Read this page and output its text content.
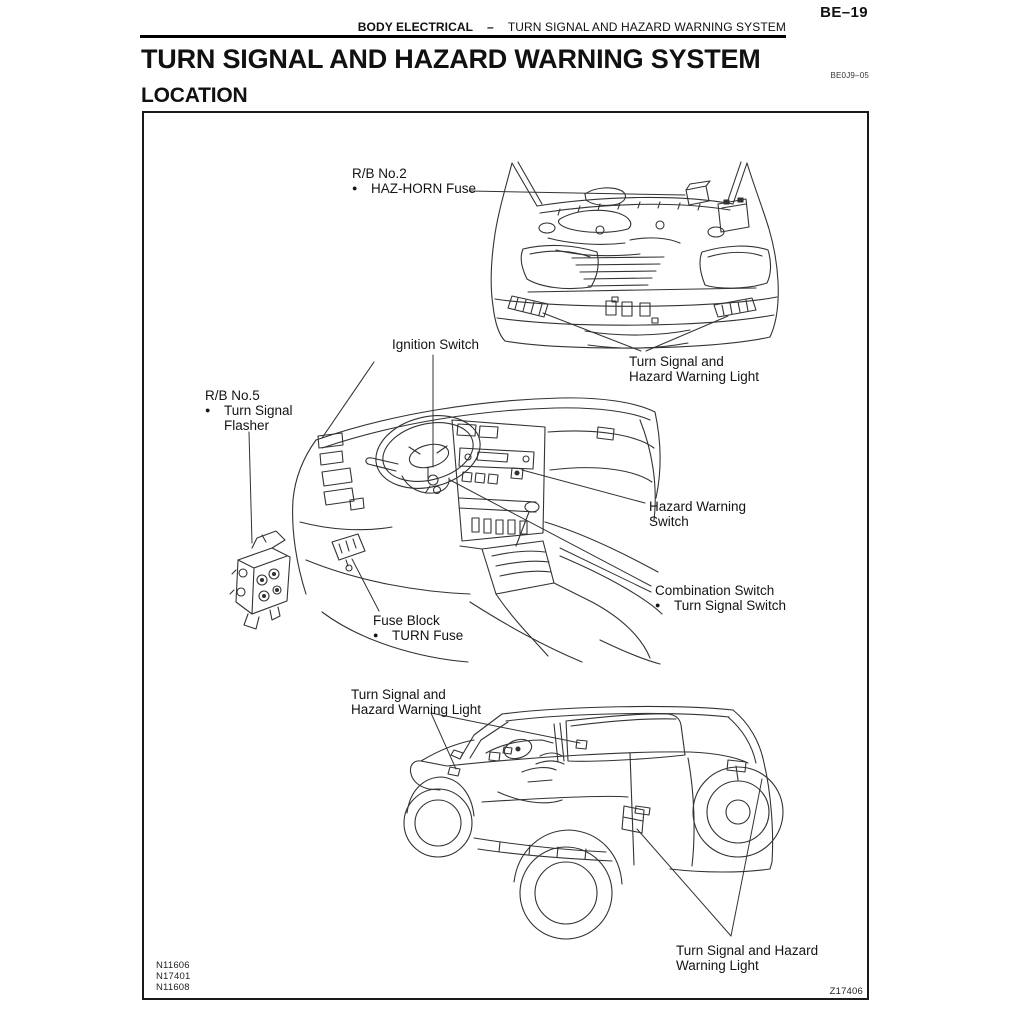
BE–19
BODY ELECTRICAL – TURN SIGNAL AND HAZARD WARNING SYSTEM
TURN SIGNAL AND HAZARD WARNING SYSTEM
BE0J9–05
LOCATION
R/B No.2
●	HAZ-HORN Fuse
Turn Signal and
Hazard Warning Light
Ignition Switch
R/B No.5
●	Turn Signal
Flasher
Hazard Warning
Switch
Combination Switch
●	Turn Signal Switch
Fuse Block
●	TURN Fuse
Turn Signal and
Hazard Warning Light
Turn Signal and Hazard
Warning Light
N11606
N17401
N11608	Z17406
